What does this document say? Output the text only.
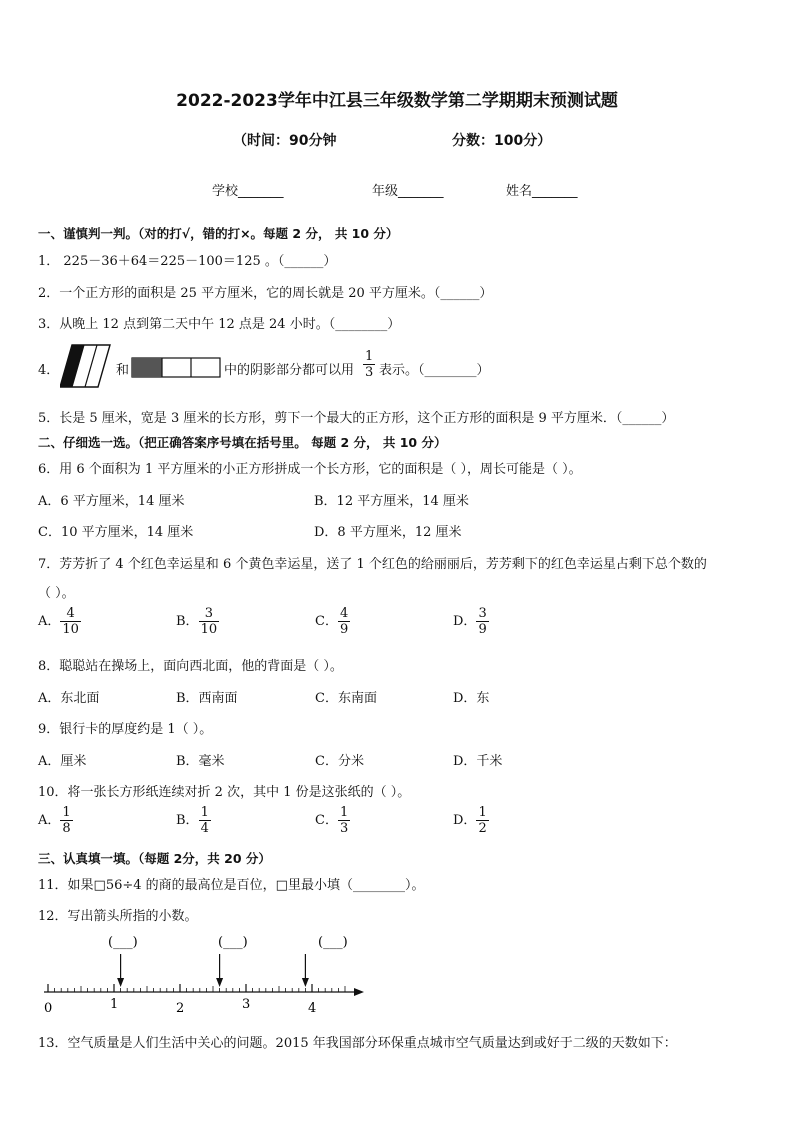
2022-2023学年中江县三年级数学第二学期期末预测试题
（时间：90分钟	分数：100分）
学校_______	年级_______	姓名_______
一、谨慎判一判。（对的打√，错的打×。每题 2 分， 共 10 分）
1． 225－36＋64＝225－100＝125 。（______）
2．一个正方形的面积是 25 平方厘米，它的周长就是 20 平方厘米。（______）
3．从晚上 12 点到第二天中午 12 点是 24 小时。（________）
4．	和	中的阴影部分都可以用 $\frac{1}{3}$ 表示。（________）
5．长是 5 厘米，宽是 3 厘米的长方形，剪下一个最大的正方形，这个正方形的面积是 9 平方厘米．（______）
二、仔细选一选。（把正确答案序号填在括号里。 每题 2 分， 共 10 分）
6．用 6 个面积为 1 平方厘米的小正方形拼成一个长方形，它的面积是（ ），周长可能是（ ）。
A．6 平方厘米，14 厘米	B．12 平方厘米，14 厘米
C．10 平方厘米，14 厘米	D．8 平方厘米，12 厘米
7．芳芳折了 4 个红色幸运星和 6 个黄色幸运星，送了 1 个红色的给丽丽后，芳芳剩下的红色幸运星占剩下总个数的
（ ）。
A． $\frac{4}{10}$	B． $\frac{3}{10}$	C． $\frac{4}{9}$	D． $\frac{3}{9}$
8．聪聪站在操场上，面向西北面，他的背面是（ ）。
A．东北面	B．西南面	C．东南面	D．东
9．银行卡的厚度约是 1（ ）。
A．厘米	B．毫米	C．分米	D．千米
10．将一张长方形纸连续对折 2 次，其中 1 份是这张纸的（ ）。
A． $\frac{1}{8}$	B． $\frac{1}{4}$	C． $\frac{1}{3}$	D． $\frac{1}{2}$
三、认真填一填。（每题 2分，共 20 分）
11．如果□56÷4 的商的最高位是百位，□里最小填（________）。
12．写出箭头所指的小数。
(___)	(___)	(___)
0	1	2	3	4
13．空气质量是人们生活中关心的问题。2015 年我国部分环保重点城市空气质量达到或好于二级的天数如下：
